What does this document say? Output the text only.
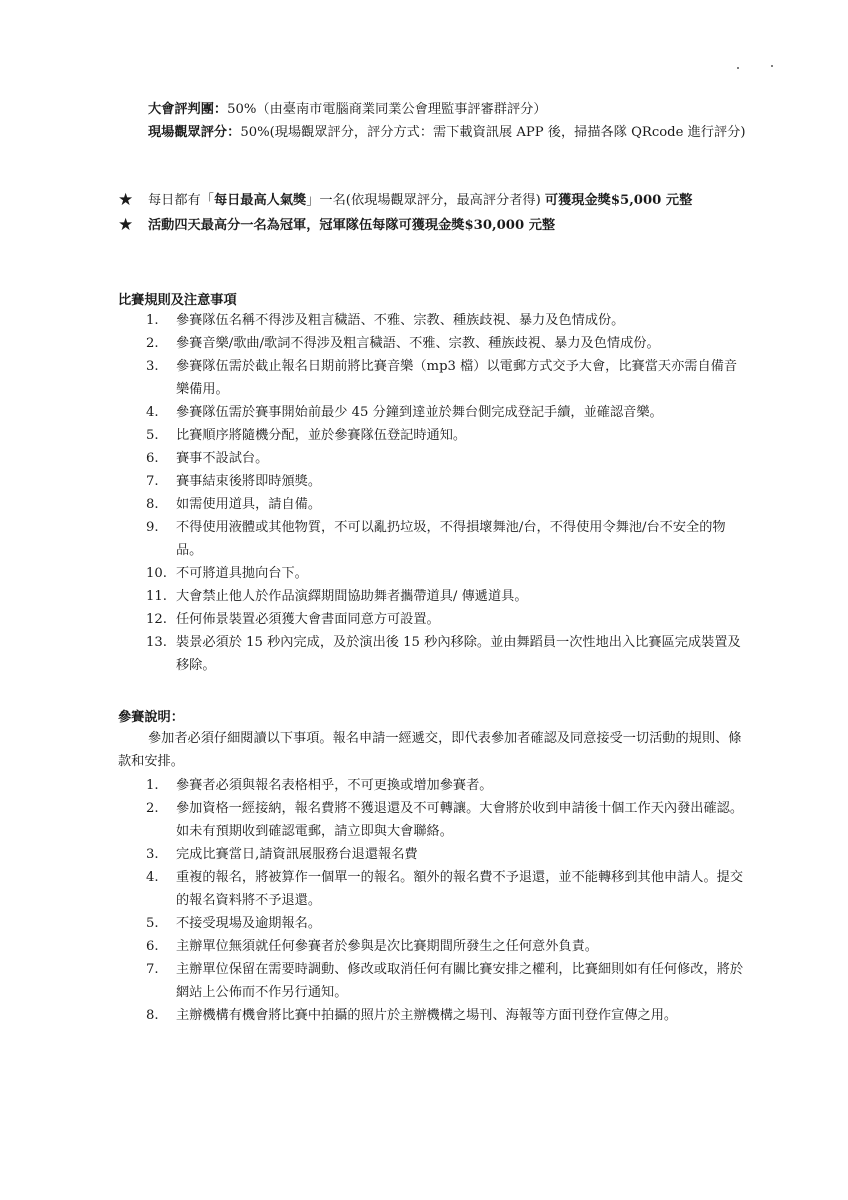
大會評判團：50%（由臺南市電腦商業同業公會理監事評審群評分）

現場觀眾評分：50%(現場觀眾評分，評分方式：需下載資訊展 APP 後，掃描各隊 QRcode 進行評分)

★	每日都有「每日最高人氣獎」一名(依現場觀眾評分，最高評分者得) 可獲現金獎$5,000 元整
★	活動四天最高分一名為冠軍，冠軍隊伍每隊可獲現金獎$30,000 元整

比賽規則及注意事項

1.	參賽隊伍名稱不得涉及粗言穢語、不雅、宗教、種族歧視、暴力及色情成份。
2.	參賽音樂/歌曲/歌詞不得涉及粗言穢語、不雅、宗教、種族歧視、暴力及色情成份。
3.	參賽隊伍需於截止報名日期前將比賽音樂（mp3 檔）以電郵方式交予大會，比賽當天亦需自備音樂備用。
4.	參賽隊伍需於賽事開始前最少 45 分鐘到達並於舞台側完成登記手續，並確認音樂。
5.	比賽順序將隨機分配，並於參賽隊伍登記時通知。
6.	賽事不設試台。
7.	賽事結束後將即時頒獎。
8.	如需使用道具，請自備。
9.	不得使用液體或其他物質，不可以亂扔垃圾，不得損壞舞池/台，不得使用令舞池/台不安全的物品。
10. 不可將道具拋向台下。
11. 大會禁止他人於作品演繹期間協助舞者攜帶道具/ 傳遞道具。
12. 任何佈景裝置必須獲大會書面同意方可設置。
13. 裝景必須於 15 秒內完成，及於演出後 15 秒內移除。並由舞蹈員一次性地出入比賽區完成裝置及移除。

參賽說明：

參加者必須仔細閱讀以下事項。報名申請一經遞交，即代表參加者確認及同意接受一切活動的規則、條款和安排。

1.	參賽者必須與報名表格相乎，不可更換或增加參賽者。
2.	參加資格一經接納，報名費將不獲退還及不可轉讓。大會將於收到申請後十個工作天內發出確認。如未有預期收到確認電郵，請立即與大會聯絡。
3.	完成比賽當日,請資訊展服務台退還報名費
4.	重複的報名，將被算作一個單一的報名。額外的報名費不予退還，並不能轉移到其他申請人。提交的報名資料將不予退還。
5.	不接受現場及逾期報名。
6.	主辦單位無須就任何參賽者於參與是次比賽期間所發生之任何意外負責。
7.	主辦單位保留在需要時調動、修改或取消任何有關比賽安排之權利，比賽細則如有任何修改，將於網站上公佈而不作另行通知。
8.	主辦機構有機會將比賽中拍攝的照片於主辦機構之場刊、海報等方面刊登作宣傳之用。
